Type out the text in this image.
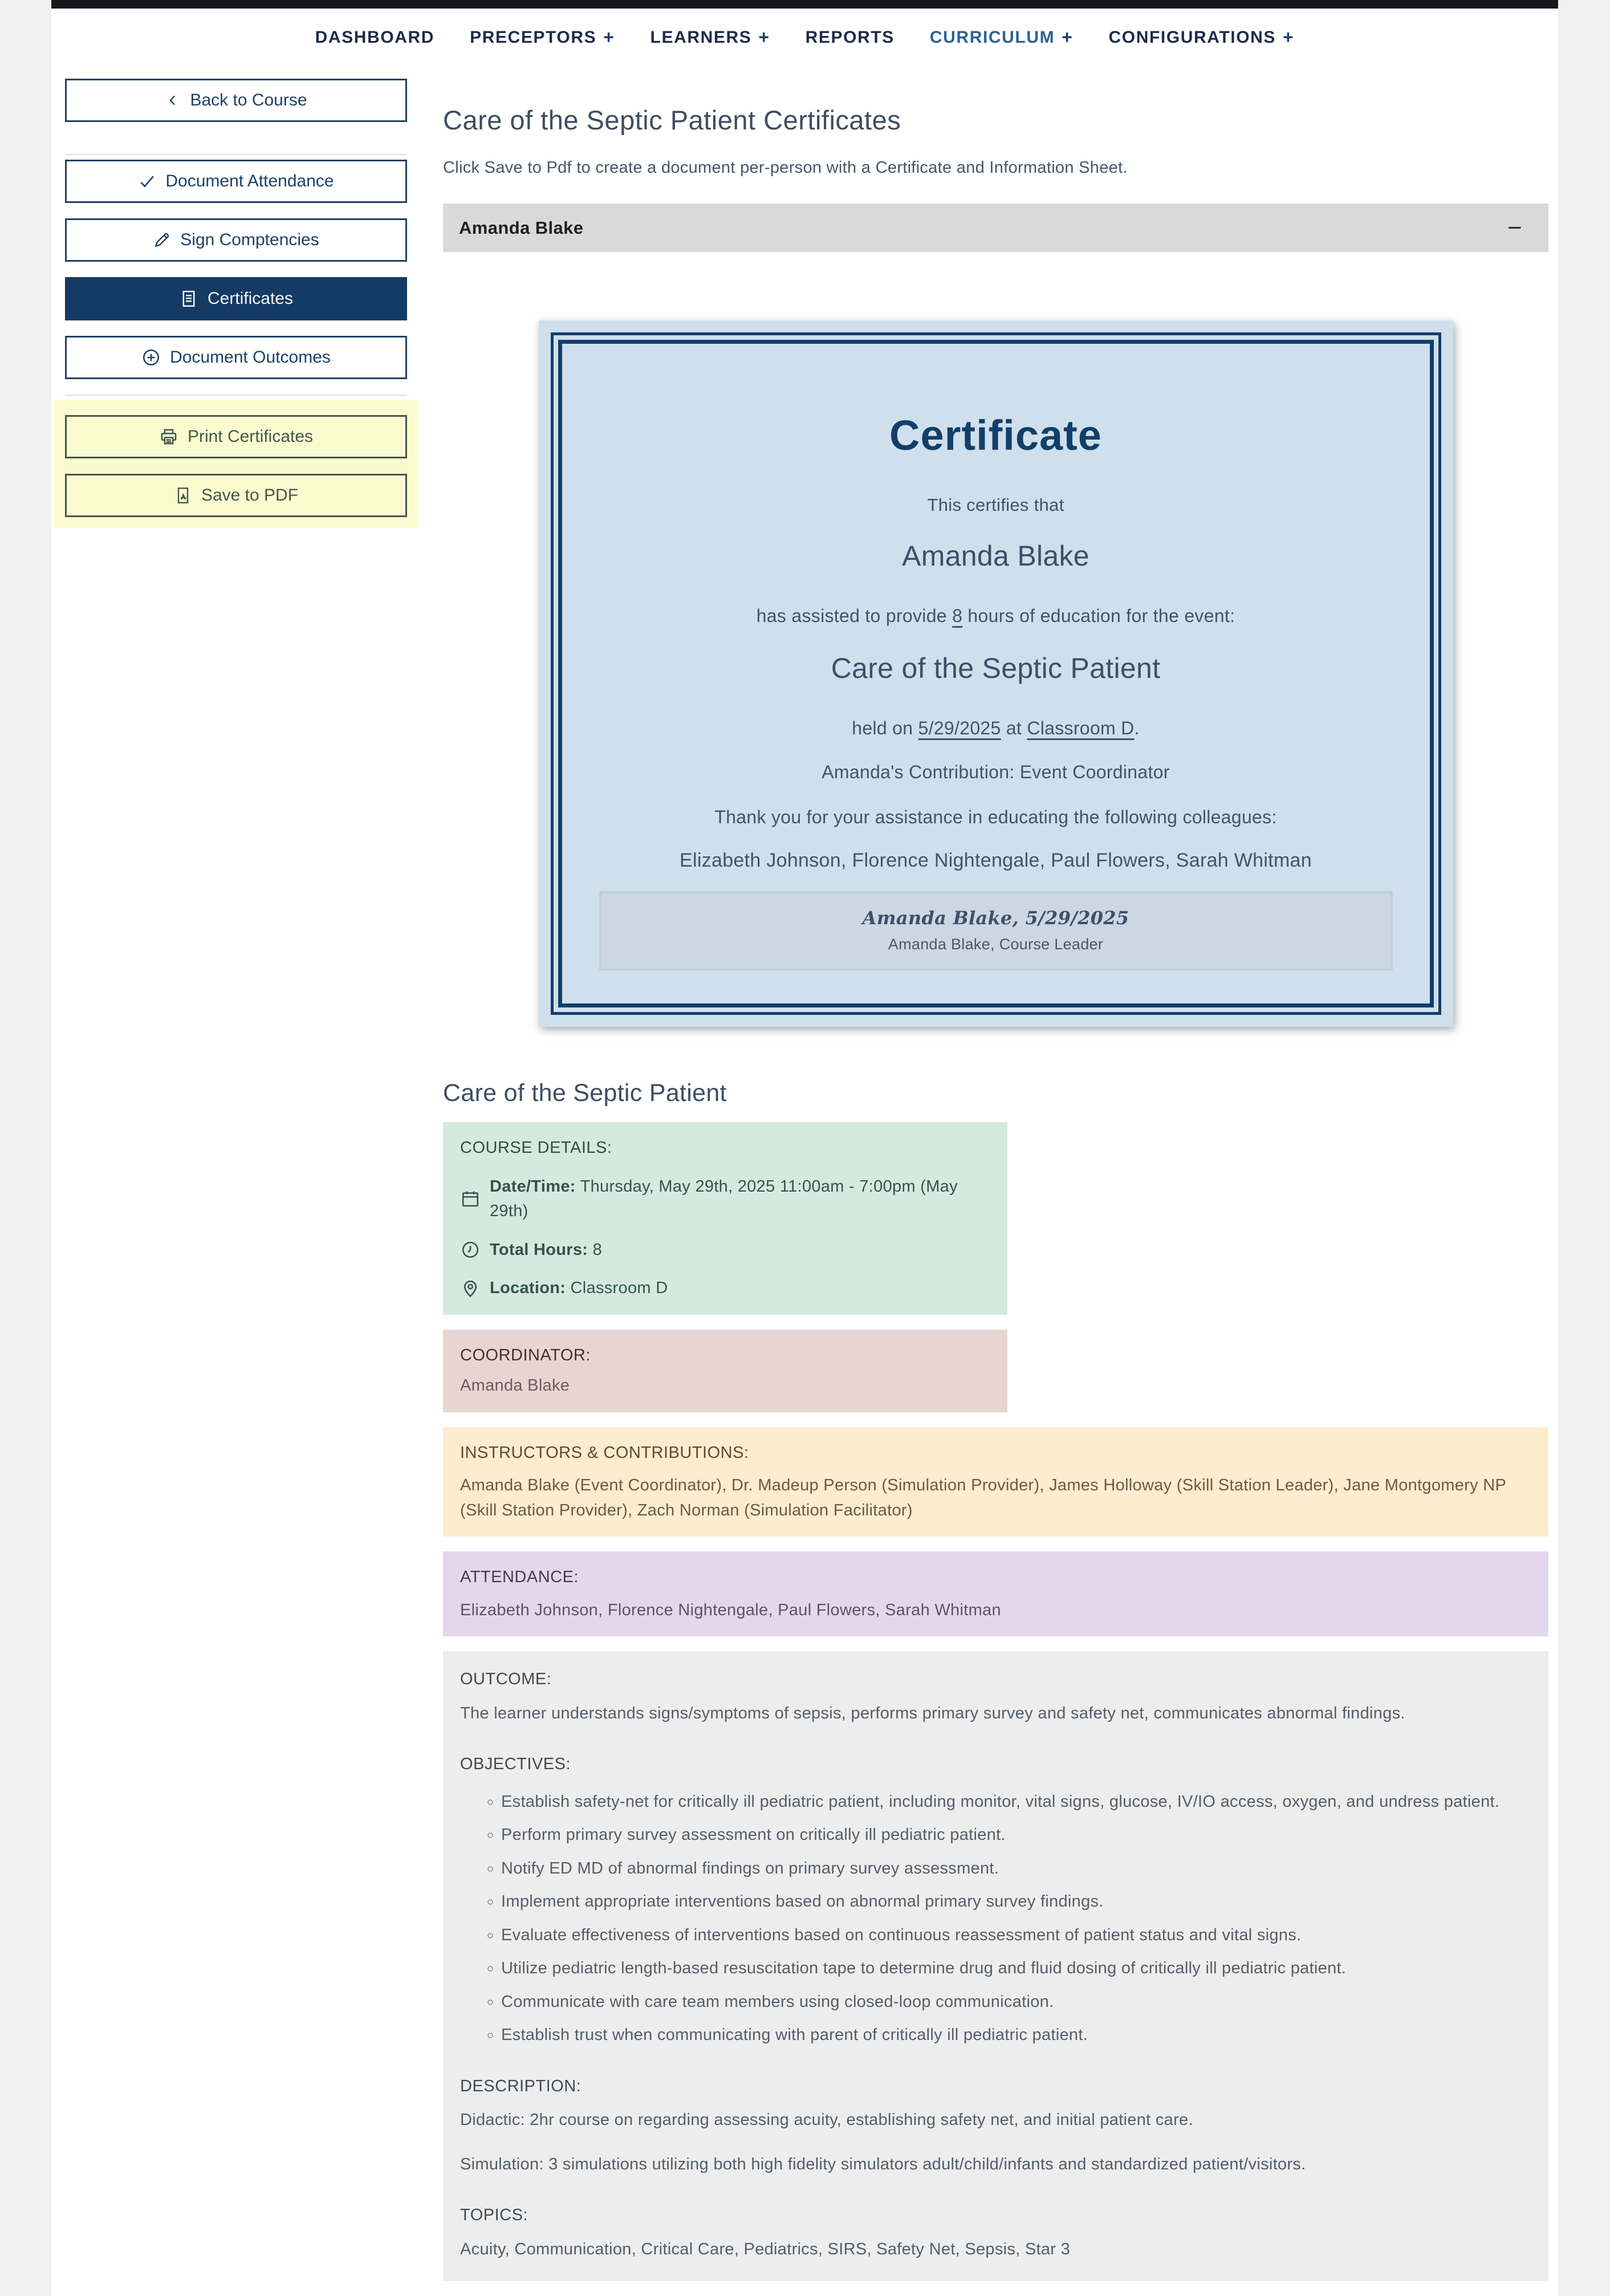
DASHBOARD PRECEPTORS + LEARNERS + REPORTS CURRICULUM + CONFIGURATIONS +
Back to Course
Document Attendance
Sign Comptencies
Certificates
Document Outcomes
Print Certificates
Save to PDF
Care of the Septic Patient Certificates
Click Save to Pdf to create a document per-person with a Certificate and Information Sheet.
Amanda Blake	−
Certificate
This certifies that
Amanda Blake
has assisted to provide 8 hours of education for the event:
Care of the Septic Patient
held on 5/29/2025 at Classroom D.
Amanda's Contribution: Event Coordinator
Thank you for your assistance in educating the following colleagues:
Elizabeth Johnson, Florence Nightengale, Paul Flowers, Sarah Whitman
Amanda Blake, 5/29/2025
Amanda Blake, Course Leader
Care of the Septic Patient
COURSE DETAILS:
Date/Time: Thursday, May 29th, 2025 11:00am - 7:00pm (May 29th)
Total Hours: 8
Location: Classroom D
COORDINATOR:
Amanda Blake
INSTRUCTORS & CONTRIBUTIONS:
Amanda Blake (Event Coordinator), Dr. Madeup Person (Simulation Provider), James Holloway (Skill Station Leader), Jane Montgomery NP (Skill Station Provider), Zach Norman (Simulation Facilitator)
ATTENDANCE:
Elizabeth Johnson, Florence Nightengale, Paul Flowers, Sarah Whitman
OUTCOME:
The learner understands signs/symptoms of sepsis, performs primary survey and safety net, communicates abnormal findings.
OBJECTIVES:
◦ Establish safety-net for critically ill pediatric patient, including monitor, vital signs, glucose, IV/IO access, oxygen, and undress patient.
◦ Perform primary survey assessment on critically ill pediatric patient.
◦ Notify ED MD of abnormal findings on primary survey assessment.
◦ Implement appropriate interventions based on abnormal primary survey findings.
◦ Evaluate effectiveness of interventions based on continuous reassessment of patient status and vital signs.
◦ Utilize pediatric length-based resuscitation tape to determine drug and fluid dosing of critically ill pediatric patient.
◦ Communicate with care team members using closed-loop communication.
◦ Establish trust when communicating with parent of critically ill pediatric patient.
DESCRIPTION:
Didactic: 2hr course on regarding assessing acuity, establishing safety net, and initial patient care.
Simulation: 3 simulations utilizing both high fidelity simulators adult/child/infants and standardized patient/visitors.
TOPICS:
Acuity, Communication, Critical Care, Pediatrics, SIRS, Safety Net, Sepsis, Star 3
